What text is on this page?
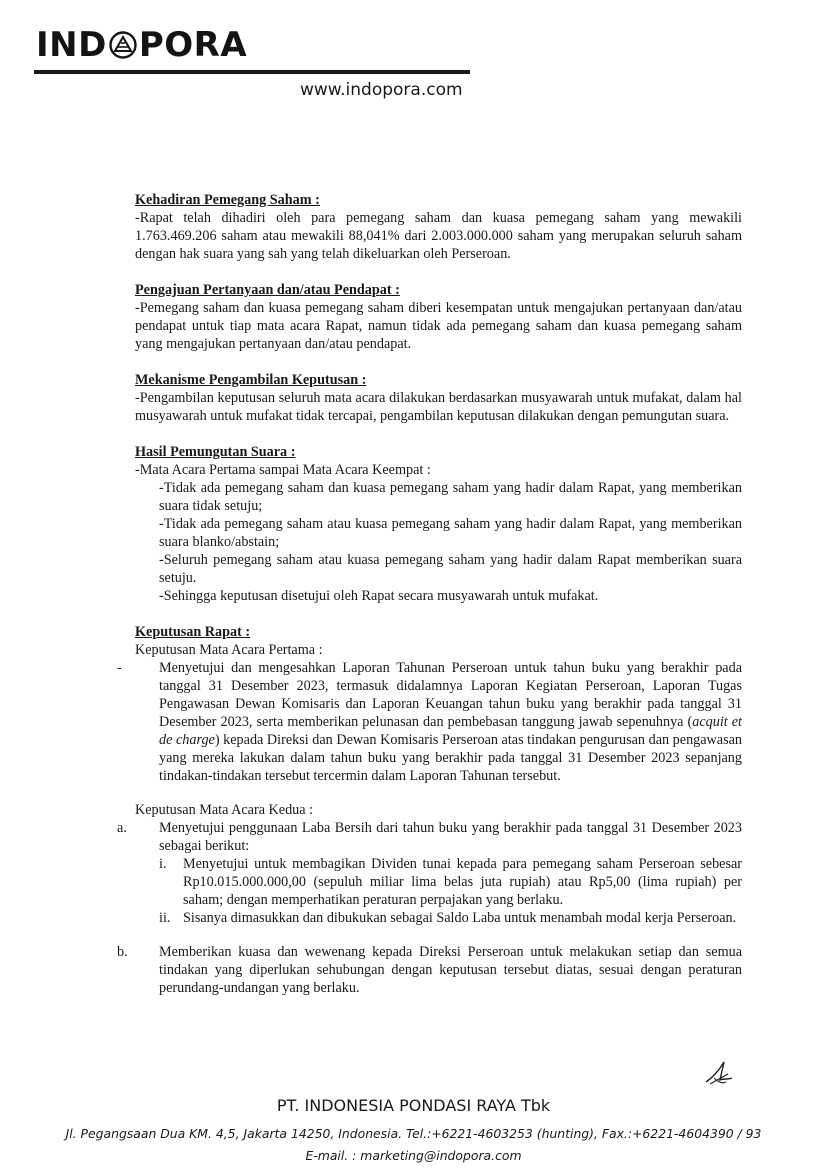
IND PORA
www.indopora.com
Kehadiran Pemegang Saham :
-Rapat telah dihadiri oleh para pemegang saham dan kuasa pemegang saham yang mewakili 1.763.469.206 saham atau mewakili 88,041% dari 2.003.000.000 saham yang merupakan seluruh saham dengan hak suara yang sah yang telah dikeluarkan oleh Perseroan.
Pengajuan Pertanyaan dan/atau Pendapat :
-Pemegang saham dan kuasa pemegang saham diberi kesempatan untuk mengajukan pertanyaan dan/atau pendapat untuk tiap mata acara Rapat, namun tidak ada pemegang saham dan kuasa pemegang saham yang mengajukan pertanyaan dan/atau pendapat.
Mekanisme Pengambilan Keputusan :
-Pengambilan keputusan seluruh mata acara dilakukan berdasarkan musyawarah untuk mufakat, dalam hal musyawarah untuk mufakat tidak tercapai, pengambilan keputusan dilakukan dengan pemungutan suara.
Hasil Pemungutan Suara :
-Mata Acara Pertama sampai Mata Acara Keempat :
-Tidak ada pemegang saham dan kuasa pemegang saham yang hadir dalam Rapat, yang memberikan suara tidak setuju;
-Tidak ada pemegang saham atau kuasa pemegang saham yang hadir dalam Rapat, yang memberikan suara blanko/abstain;
-Seluruh pemegang saham atau kuasa pemegang saham yang hadir dalam Rapat memberikan suara setuju.
-Sehingga keputusan disetujui oleh Rapat secara musyawarah untuk mufakat.
Keputusan Rapat :
Keputusan Mata Acara Pertama :
-	Menyetujui dan mengesahkan Laporan Tahunan Perseroan untuk tahun buku yang berakhir pada tanggal 31 Desember 2023, termasuk didalamnya Laporan Kegiatan Perseroan, Laporan Tugas Pengawasan Dewan Komisaris dan Laporan Keuangan tahun buku yang berakhir pada tanggal 31 Desember 2023, serta memberikan pelunasan dan pembebasan tanggung jawab sepenuhnya (acquit et de charge) kepada Direksi dan Dewan Komisaris Perseroan atas tindakan pengurusan dan pengawasan yang mereka lakukan dalam tahun buku yang berakhir pada tanggal 31 Desember 2023 sepanjang tindakan-tindakan tersebut tercermin dalam Laporan Tahunan tersebut.
Keputusan Mata Acara Kedua :
a.	Menyetujui penggunaan Laba Bersih dari tahun buku yang berakhir pada tanggal 31 Desember 2023 sebagai berikut:
i.	Menyetujui untuk membagikan Dividen tunai kepada para pemegang saham Perseroan sebesar Rp10.015.000.000,00 (sepuluh miliar lima belas juta rupiah) atau Rp5,00 (lima rupiah) per saham; dengan memperhatikan peraturan perpajakan yang berlaku.
ii. Sisanya dimasukkan dan dibukukan sebagai Saldo Laba untuk menambah modal kerja Perseroan.
b.	Memberikan kuasa dan wewenang kepada Direksi Perseroan untuk melakukan setiap dan semua tindakan yang diperlukan sehubungan dengan keputusan tersebut diatas, sesuai dengan peraturan perundang-undangan yang berlaku.
PT. INDONESIA PONDASI RAYA Tbk
Jl. Pegangsaan Dua KM. 4,5, Jakarta 14250, Indonesia. Tel.:+6221-4603253 (hunting), Fax.:+6221-4604390 / 93
E-mail. : marketing@indopora.com
